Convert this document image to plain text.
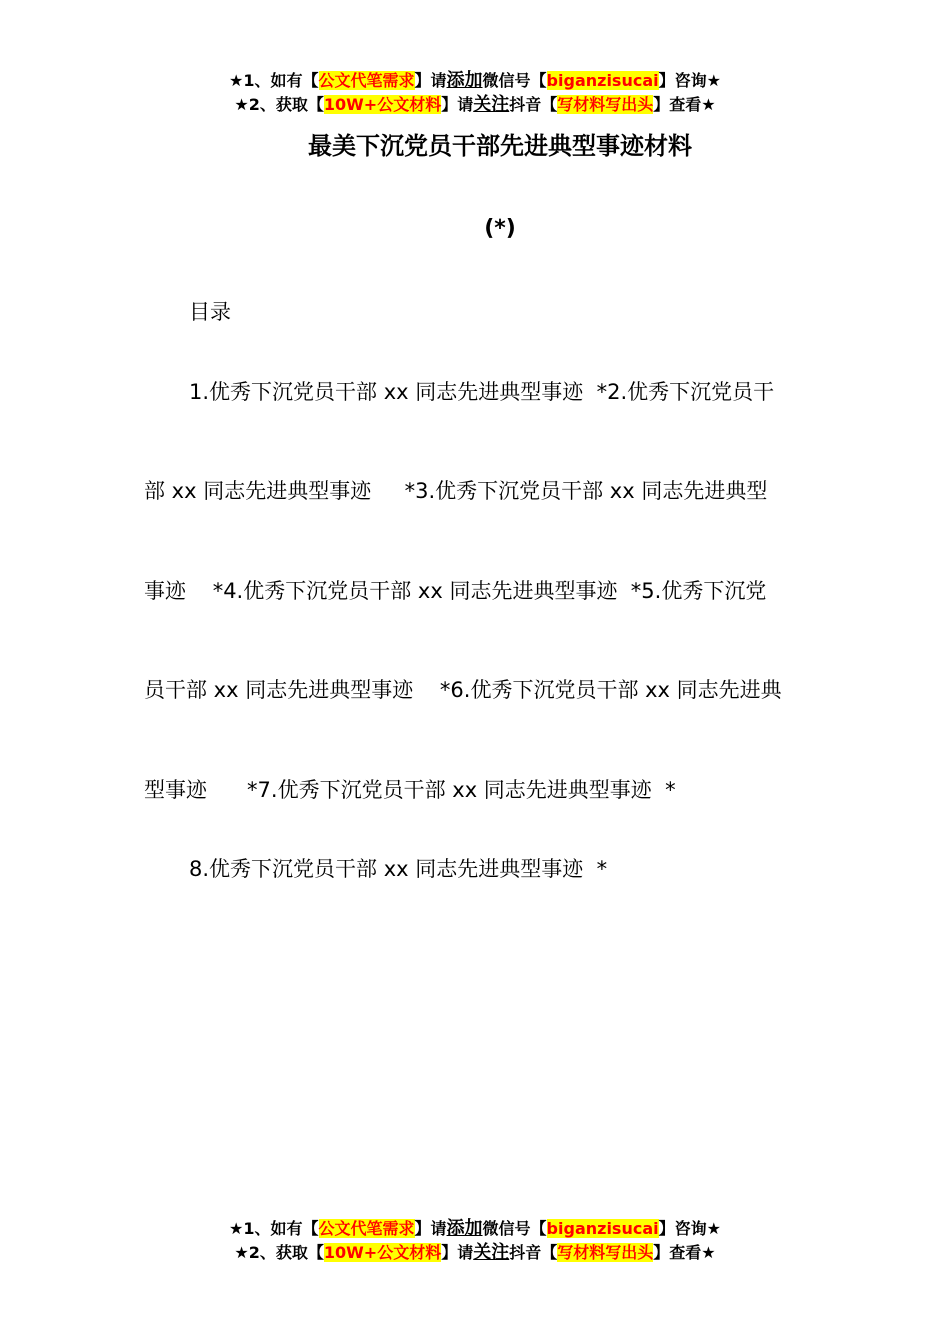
★1、如有【公文代笔需求】请添加微信号【biganzisucai】咨询★
★2、获取【10W+公文材料】请关注抖音【写材料写出头】查看★
最美下沉党员干部先进典型事迹材料
(*)
目录
1.优秀下沉党员干部 xx 同志先进典型事迹  *2.优秀下沉党员干
部 xx 同志先进典型事迹     *3.优秀下沉党员干部 xx 同志先进典型
事迹    *4.优秀下沉党员干部 xx 同志先进典型事迹  *5.优秀下沉党
员干部 xx 同志先进典型事迹    *6.优秀下沉党员干部 xx 同志先进典
型事迹      *7.优秀下沉党员干部 xx 同志先进典型事迹  *
8.优秀下沉党员干部 xx 同志先进典型事迹  *
★1、如有【公文代笔需求】请添加微信号【biganzisucai】咨询★
★2、获取【10W+公文材料】请关注抖音【写材料写出头】查看★
